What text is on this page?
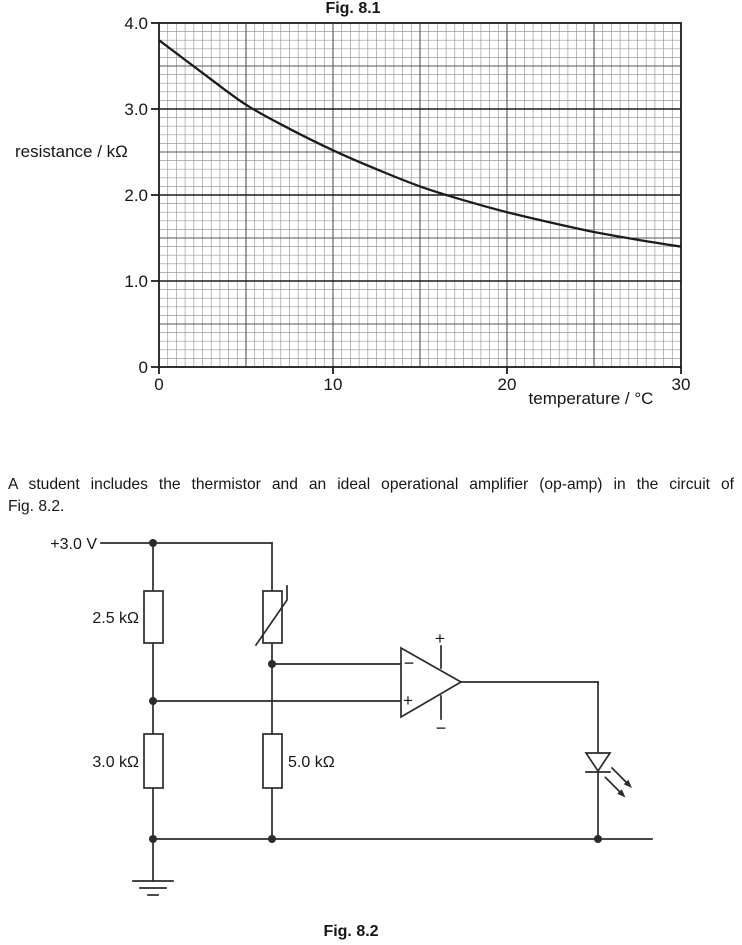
0	10	20	30
0
1.0
2.0
3.0
4.0
resistance / kΩ
temperature / °C
Fig. 8.1
A student includes the thermistor and an ideal operational amplifier (op-amp) in the circuit of
Fig. 8.2.
+3.0 V
2.5 kΩ
3.0 kΩ	5.0 kΩ
−
+
+
−
Fig. 8.2
